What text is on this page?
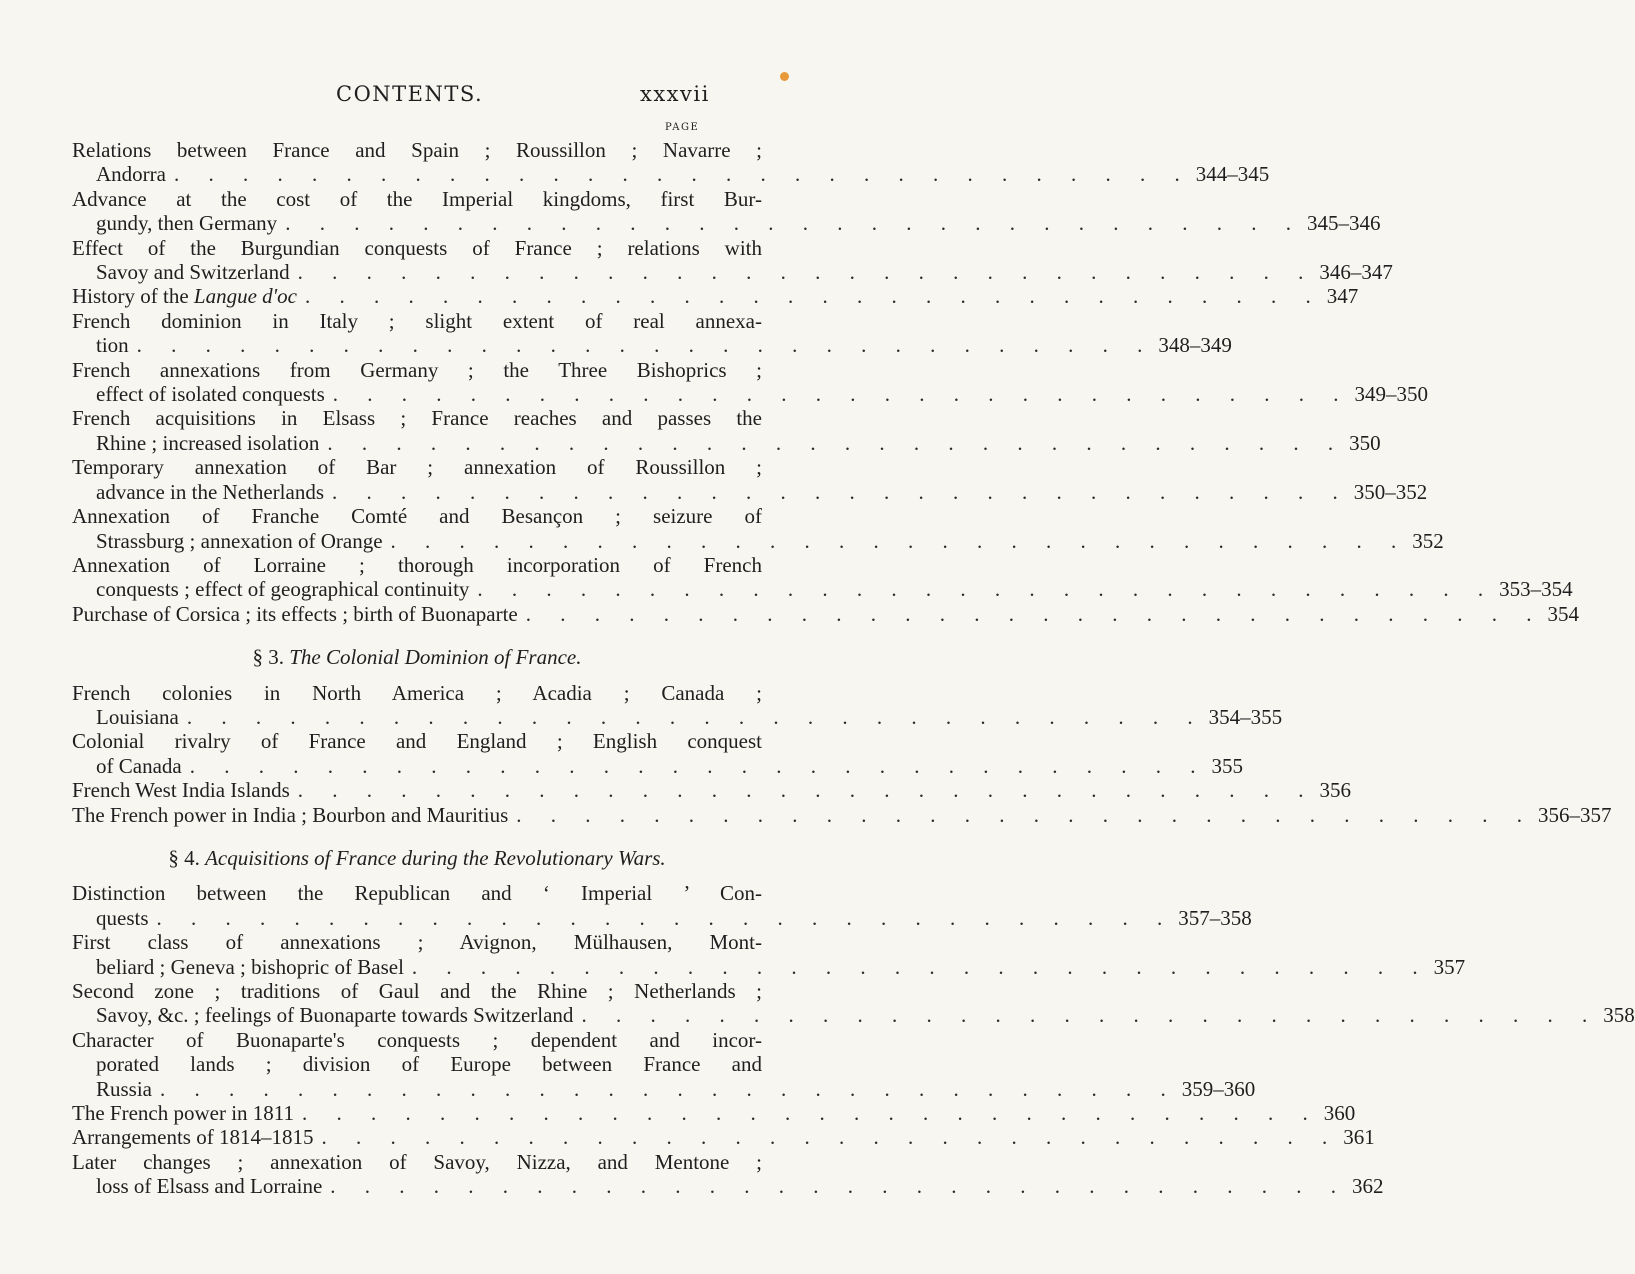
CONTENTS.	xxxvii
PAGE
Relations between France and Spain ; Roussillon ; Navarre ;
Andorra . . . . . . . . . . . . . . . . . . . . . . . . . . . . . . 344–345
Advance at the cost of the Imperial kingdoms, first Bur-
gundy, then Germany . . . . . . . . . . . . . . . . . . . . . . . . . . . . . . 345–346
Effect of the Burgundian conquests of France ; relations with
Savoy and Switzerland . . . . . . . . . . . . . . . . . . . . . . . . . . . . . . 346–347
History of the Langue d'oc . . . . . . . . . . . . . . . . . . . . . . . . . . . . . . 347
French dominion in Italy ; slight extent of real annexa-
tion . . . . . . . . . . . . . . . . . . . . . . . . . . . . . . 348–349
French annexations from Germany ; the Three Bishoprics ;
effect of isolated conquests . . . . . . . . . . . . . . . . . . . . . . . . . . . . . . 349–350
French acquisitions in Elsass ; France reaches and passes the
Rhine ; increased isolation . . . . . . . . . . . . . . . . . . . . . . . . . . . . . . 350
Temporary annexation of Bar ; annexation of Roussillon ;
advance in the Netherlands . . . . . . . . . . . . . . . . . . . . . . . . . . . . . . 350–352
Annexation of Franche Comté and Besançon ; seizure of
Strassburg ; annexation of Orange . . . . . . . . . . . . . . . . . . . . . . . . . . . . . . 352
Annexation of Lorraine ; thorough incorporation of French
conquests ; effect of geographical continuity . . . . . . . . . . . . . . . . . . . . . . . . . . . . . . 353–354
Purchase of Corsica ; its effects ; birth of Buonaparte . . . . . . . . . . . . . . . . . . . . . . . . . . . . . . 354
§ 3. The Colonial Dominion of France.
French colonies in North America ; Acadia ; Canada ;
Louisiana . . . . . . . . . . . . . . . . . . . . . . . . . . . . . . 354–355
Colonial rivalry of France and England ; English conquest
of Canada . . . . . . . . . . . . . . . . . . . . . . . . . . . . . . 355
French West India Islands . . . . . . . . . . . . . . . . . . . . . . . . . . . . . . 356
The French power in India ; Bourbon and Mauritius . . . . . . . . . . . . . . . . . . . . . . . . . . . . . . 356–357
§ 4. Acquisitions of France during the Revolutionary Wars.
Distinction between the Republican and ‘ Imperial ’ Con-
quests . . . . . . . . . . . . . . . . . . . . . . . . . . . . . . 357–358
First class of annexations ; Avignon, Mülhausen, Mont-
beliard ; Geneva ; bishopric of Basel . . . . . . . . . . . . . . . . . . . . . . . . . . . . . . 357
Second zone ; traditions of Gaul and the Rhine ; Netherlands ;
Savoy, &c. ; feelings of Buonaparte towards Switzerland . . . . . . . . . . . . . . . . . . . . . . . . . . . . . . 358
Character of Buonaparte's conquests ; dependent and incor-
porated lands ; division of Europe between France and
Russia . . . . . . . . . . . . . . . . . . . . . . . . . . . . . . 359–360
The French power in 1811 . . . . . . . . . . . . . . . . . . . . . . . . . . . . . . 360
Arrangements of 1814–1815 . . . . . . . . . . . . . . . . . . . . . . . . . . . . . . 361
Later changes ; annexation of Savoy, Nizza, and Mentone ;
loss of Elsass and Lorraine . . . . . . . . . . . . . . . . . . . . . . . . . . . . . . 362
